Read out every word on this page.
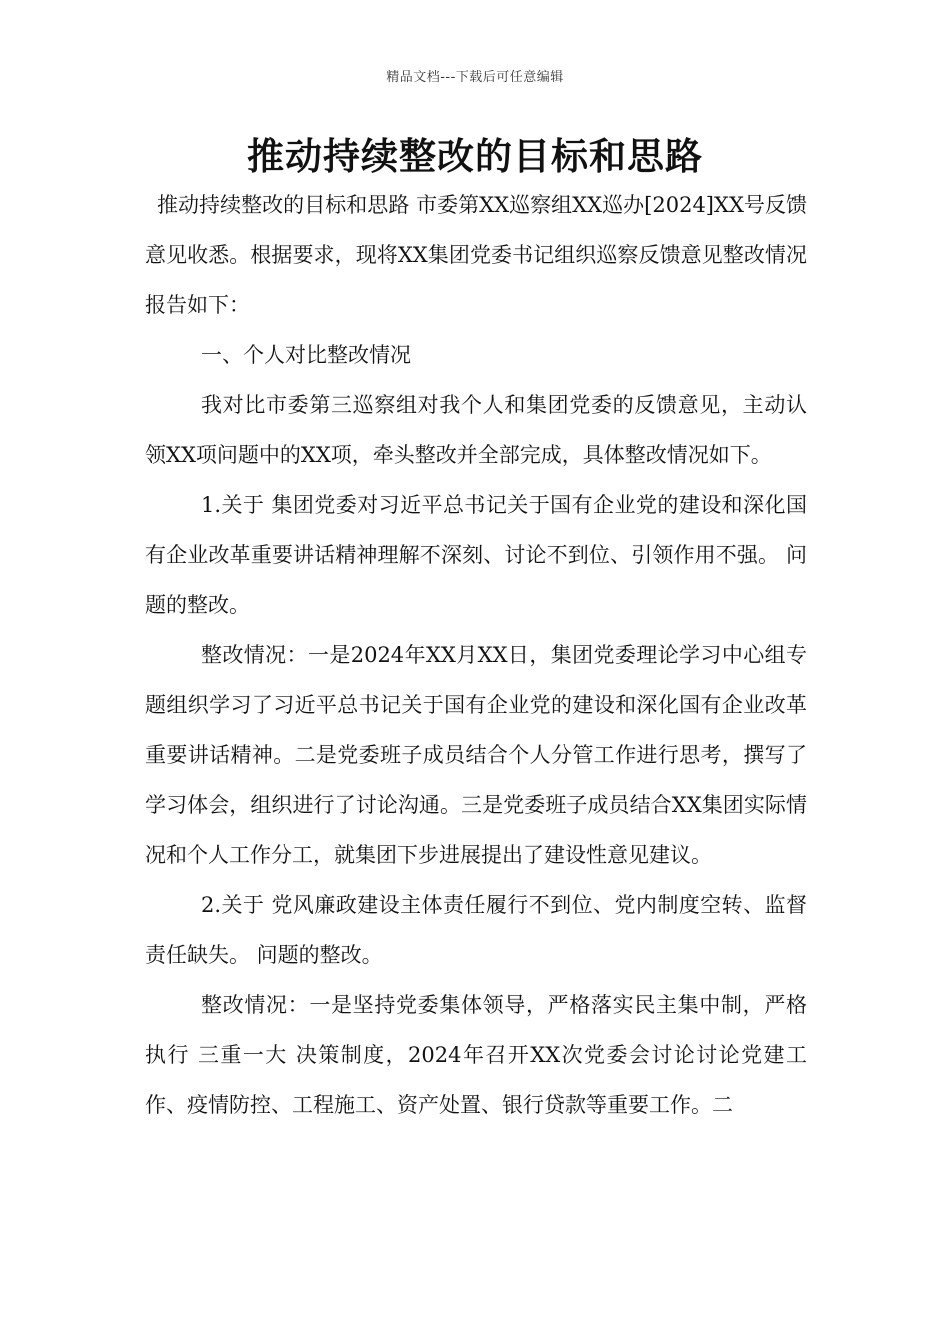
精品文档---下载后可任意编辑
推动持续整改的目标和思路

推动持续整改的目标和思路 市委第XX巡察组XX巡办[2024]XX号反馈意见收悉。根据要求，现将XX集团党委书记组织巡察反馈意见整改情况报告如下：

一、个人对比整改情况

我对比市委第三巡察组对我个人和集团党委的反馈意见，主动认领XX项问题中的XX项，牵头整改并全部完成，具体整改情况如下。

1.关于 集团党委对习近平总书记关于国有企业党的建设和深化国有企业改革重要讲话精神理解不深刻、讨论不到位、引领作用不强。 问题的整改。

整改情况：一是2024年XX月XX日，集团党委理论学习中心组专题组织学习了习近平总书记关于国有企业党的建设和深化国有企业改革重要讲话精神。二是党委班子成员结合个人分管工作进行思考，撰写了学习体会，组织进行了讨论沟通。三是党委班子成员结合XX集团实际情况和个人工作分工，就集团下步进展提出了建设性意见建议。

2.关于 党风廉政建设主体责任履行不到位、党内制度空转、监督责任缺失。 问题的整改。

整改情况：一是坚持党委集体领导，严格落实民主集中制，严格执行 三重一大 决策制度，2024年召开XX次党委会讨论讨论党建工作、疫情防控、工程施工、资产处置、银行贷款等重要工作。二
